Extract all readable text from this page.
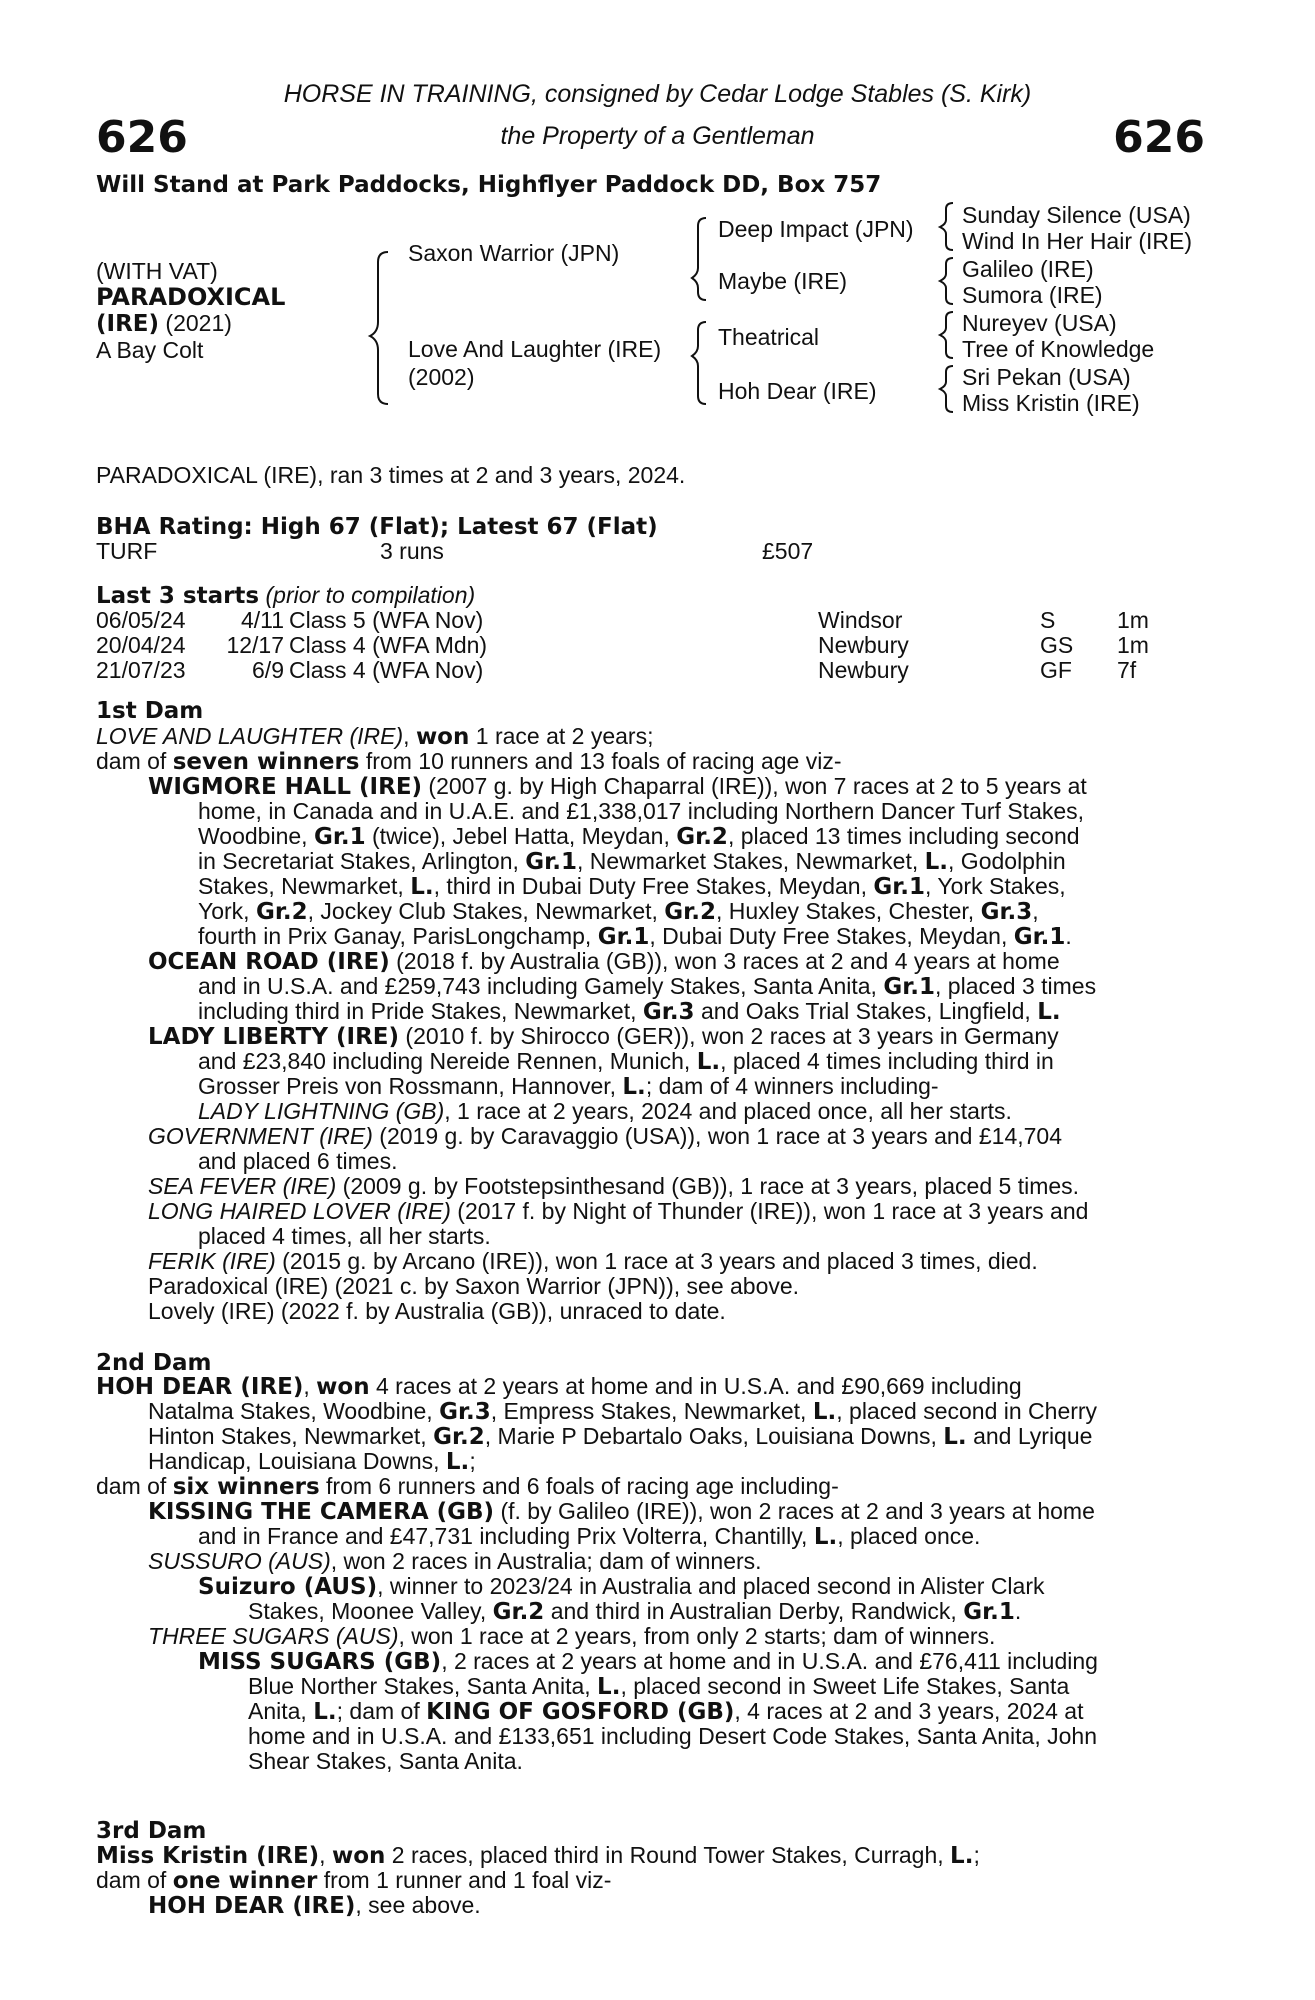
HORSE IN TRAINING, consigned by Cedar Lodge Stables (S. Kirk)
the Property of a Gentleman
626	626
Will Stand at Park Paddocks, Highflyer Paddock DD, Box 757
(WITH VAT)
PARADOXICAL
(IRE) (2021)
A Bay Colt
Saxon Warrior (JPN)
Love And Laughter (IRE)
(2002)
Deep Impact (JPN)
Maybe (IRE)
Theatrical
Hoh Dear (IRE)
Sunday Silence (USA)
Wind In Her Hair (IRE)
Galileo (IRE)
Sumora (IRE)
Nureyev (USA)
Tree of Knowledge
Sri Pekan (USA)
Miss Kristin (IRE)
PARADOXICAL (IRE), ran 3 times at 2 and 3 years, 2024.
BHA Rating: High 67 (Flat); Latest 67 (Flat)
TURF	3 runs	£507
Last 3 starts (prior to compilation)
06/05/24	4/11 Class 5 (WFA Nov)	Windsor	S	1m
20/04/24	12/17 Class 4 (WFA Mdn)	Newbury	GS 1m
21/07/23	6/9 Class 4 (WFA Nov)	Newbury	GF 7f
1st Dam
LOVE AND LAUGHTER (IRE), won 1 race at 2 years;
dam of seven winners from 10 runners and 13 foals of racing age viz-
WIGMORE HALL (IRE) (2007 g. by High Chaparral (IRE)), won 7 races at 2 to 5 years at
home, in Canada and in U.A.E. and £1,338,017 including Northern Dancer Turf Stakes,
Woodbine, Gr.1 (twice), Jebel Hatta, Meydan, Gr.2, placed 13 times including second
in Secretariat Stakes, Arlington, Gr.1, Newmarket Stakes, Newmarket, L., Godolphin
Stakes, Newmarket, L., third in Dubai Duty Free Stakes, Meydan, Gr.1, York Stakes,
York, Gr.2, Jockey Club Stakes, Newmarket, Gr.2, Huxley Stakes, Chester, Gr.3,
fourth in Prix Ganay, ParisLongchamp, Gr.1, Dubai Duty Free Stakes, Meydan, Gr.1.
OCEAN ROAD (IRE) (2018 f. by Australia (GB)), won 3 races at 2 and 4 years at home
and in U.S.A. and £259,743 including Gamely Stakes, Santa Anita, Gr.1, placed 3 times
including third in Pride Stakes, Newmarket, Gr.3 and Oaks Trial Stakes, Lingfield, L.
LADY LIBERTY (IRE) (2010 f. by Shirocco (GER)), won 2 races at 3 years in Germany
and £23,840 including Nereide Rennen, Munich, L., placed 4 times including third in
Grosser Preis von Rossmann, Hannover, L.; dam of 4 winners including-
LADY LIGHTNING (GB), 1 race at 2 years, 2024 and placed once, all her starts.
GOVERNMENT (IRE) (2019 g. by Caravaggio (USA)), won 1 race at 3 years and £14,704
and placed 6 times.
SEA FEVER (IRE) (2009 g. by Footstepsinthesand (GB)), 1 race at 3 years, placed 5 times.
LONG HAIRED LOVER (IRE) (2017 f. by Night of Thunder (IRE)), won 1 race at 3 years and
placed 4 times, all her starts.
FERIK (IRE) (2015 g. by Arcano (IRE)), won 1 race at 3 years and placed 3 times, died.
Paradoxical (IRE) (2021 c. by Saxon Warrior (JPN)), see above.
Lovely (IRE) (2022 f. by Australia (GB)), unraced to date.
2nd Dam
HOH DEAR (IRE), won 4 races at 2 years at home and in U.S.A. and £90,669 including
Natalma Stakes, Woodbine, Gr.3, Empress Stakes, Newmarket, L., placed second in Cherry
Hinton Stakes, Newmarket, Gr.2, Marie P Debartalo Oaks, Louisiana Downs, L. and Lyrique
Handicap, Louisiana Downs, L.;
dam of six winners from 6 runners and 6 foals of racing age including-
KISSING THE CAMERA (GB) (f. by Galileo (IRE)), won 2 races at 2 and 3 years at home
and in France and £47,731 including Prix Volterra, Chantilly, L., placed once.
SUSSURO (AUS), won 2 races in Australia; dam of winners.
Suizuro (AUS), winner to 2023/24 in Australia and placed second in Alister Clark
Stakes, Moonee Valley, Gr.2 and third in Australian Derby, Randwick, Gr.1.
THREE SUGARS (AUS), won 1 race at 2 years, from only 2 starts; dam of winners.
MISS SUGARS (GB), 2 races at 2 years at home and in U.S.A. and £76,411 including
Blue Norther Stakes, Santa Anita, L., placed second in Sweet Life Stakes, Santa
Anita, L.; dam of KING OF GOSFORD (GB), 4 races at 2 and 3 years, 2024 at
home and in U.S.A. and £133,651 including Desert Code Stakes, Santa Anita, John
Shear Stakes, Santa Anita.
3rd Dam
Miss Kristin (IRE), won 2 races, placed third in Round Tower Stakes, Curragh, L.;
dam of one winner from 1 runner and 1 foal viz-
HOH DEAR (IRE), see above.
